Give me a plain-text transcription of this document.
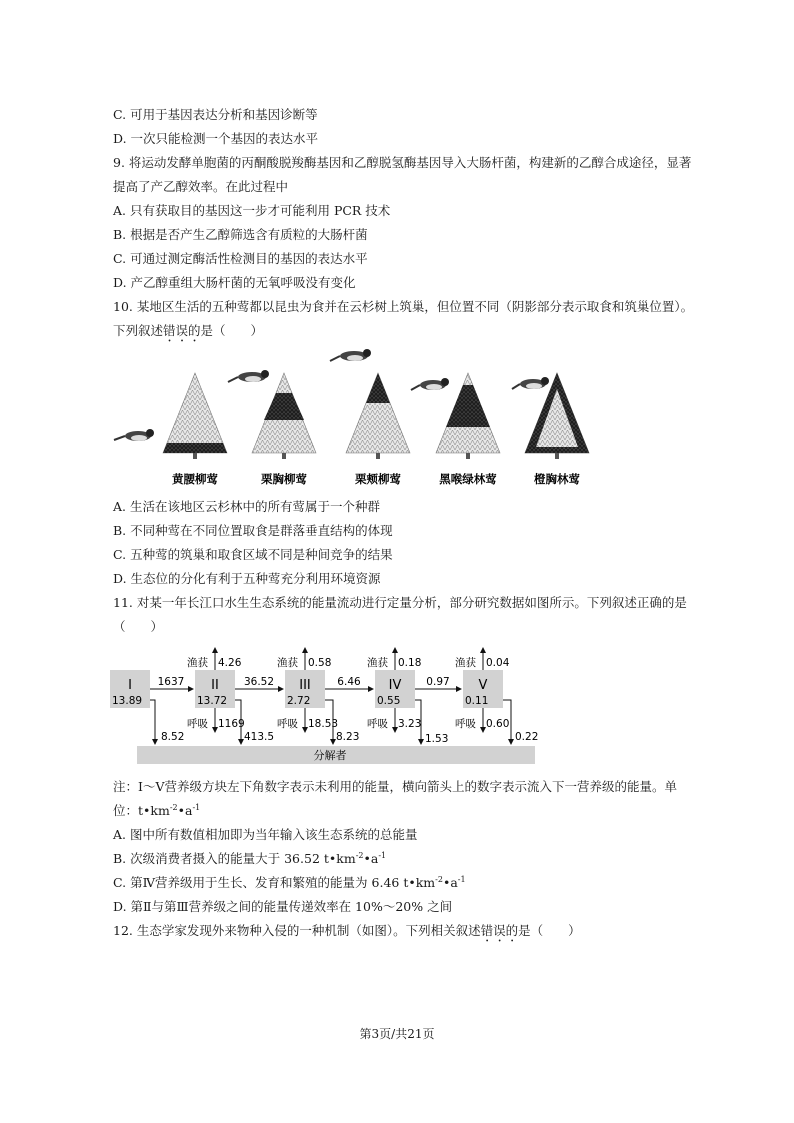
C. 可用于基因表达分析和基因诊断等
D. 一次只能检测一个基因的表达水平
9. 将运动发酵单胞菌的丙酮酸脱羧酶基因和乙醇脱氢酶基因导入大肠杆菌，构建新的乙醇合成途径，显著
提高了产乙醇效率。在此过程中
A. 只有获取目的基因这一步才可能利用 PCR 技术
B. 根据是否产生乙醇筛选含有质粒的大肠杆菌
C. 可通过测定酶活性检测目的基因的表达水平
D. 产乙醇重组大肠杆菌的无氧呼吸没有变化
10. 某地区生活的五种莺都以昆虫为食并在云杉树上筑巢，但位置不同（阴影部分表示取食和筑巢位置）。
下列叙述错误的是（　　）
黄腰柳莺	栗胸柳莺	栗颊柳莺	黑喉绿林莺	橙胸林莺
A. 生活在该地区云杉林中的所有莺属于一个种群
B. 不同种莺在不同位置取食是群落垂直结构的体现
C. 五种莺的筑巢和取食区域不同是种间竞争的结果
D. 生态位的分化有利于五种莺充分利用环境资源
11. 对某一年长江口水生生态系统的能量流动进行定量分析，部分研究数据如图所示。下列叙述正确的是
（　　）
分解者
I
13.89
II
13.72
III
2.72
IV
0.55
V
0.11
1637	36.52	6.46	0.97
渔获 4.26	渔获 0.58	渔获 0.18	渔获 0.04
呼吸 1169	呼吸 18.53	呼吸 3.23	呼吸 0.60
8.52	413.5	8.23	1.53	0.22
注：Ⅰ～Ⅴ营养级方块左下角数字表示未利用的能量，横向箭头上的数字表示流入下一营养级的能量。单
位：$t•km^{-2}•a^{-1}$
A. 图中所有数值相加即为当年输入该生态系统的总能量
B. 次级消费者摄入的能量大于 36.52 $t•km^{-2}•a^{-1}$
C. 第Ⅳ营养级用于生长、发育和繁殖的能量为 6.46 $t•km^{-2}•a^{-1}$
D. 第Ⅱ与第Ⅲ营养级之间的能量传递效率在 10%～20% 之间
12. 生态学家发现外来物种入侵的一种机制（如图）。下列相关叙述错误的是（　　）
第3页/共21页
